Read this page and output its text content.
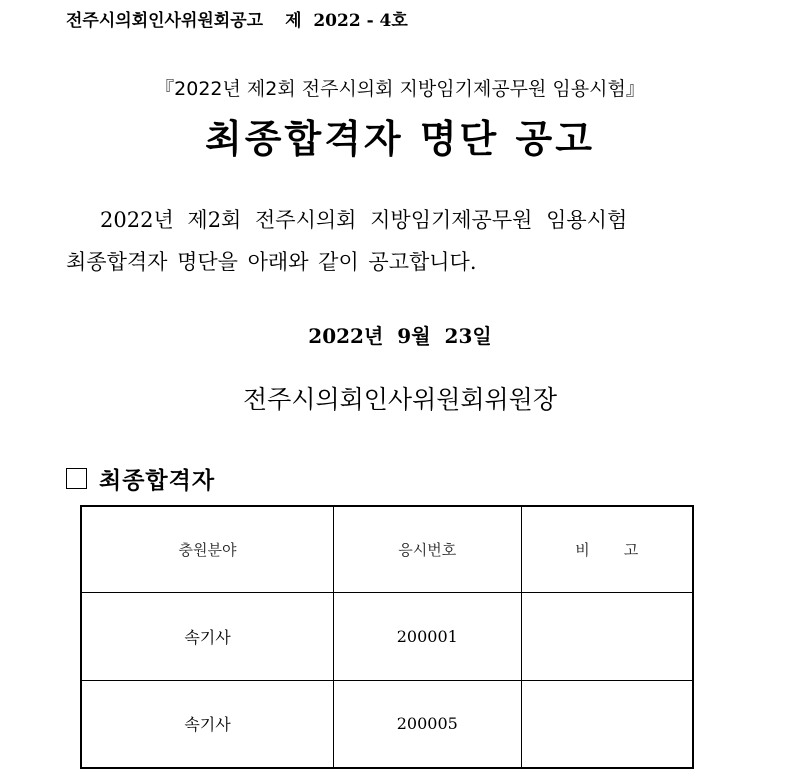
전주시의회인사위원회공고 제  2022 - 4호
『2022년 제2회 전주시의회 지방임기제공무원 임용시험』
최종합격자 명단 공고
2022년 제2회 전주시의회 지방임기제공무원 임용시험
최종합격자 명단을 아래와 같이 공고합니다.
2022년 9월 23일
전주시의회인사위원회위원장
최종합격자
충원분야	응시번호	비 고
속기사	200001	
속기사	200005	
